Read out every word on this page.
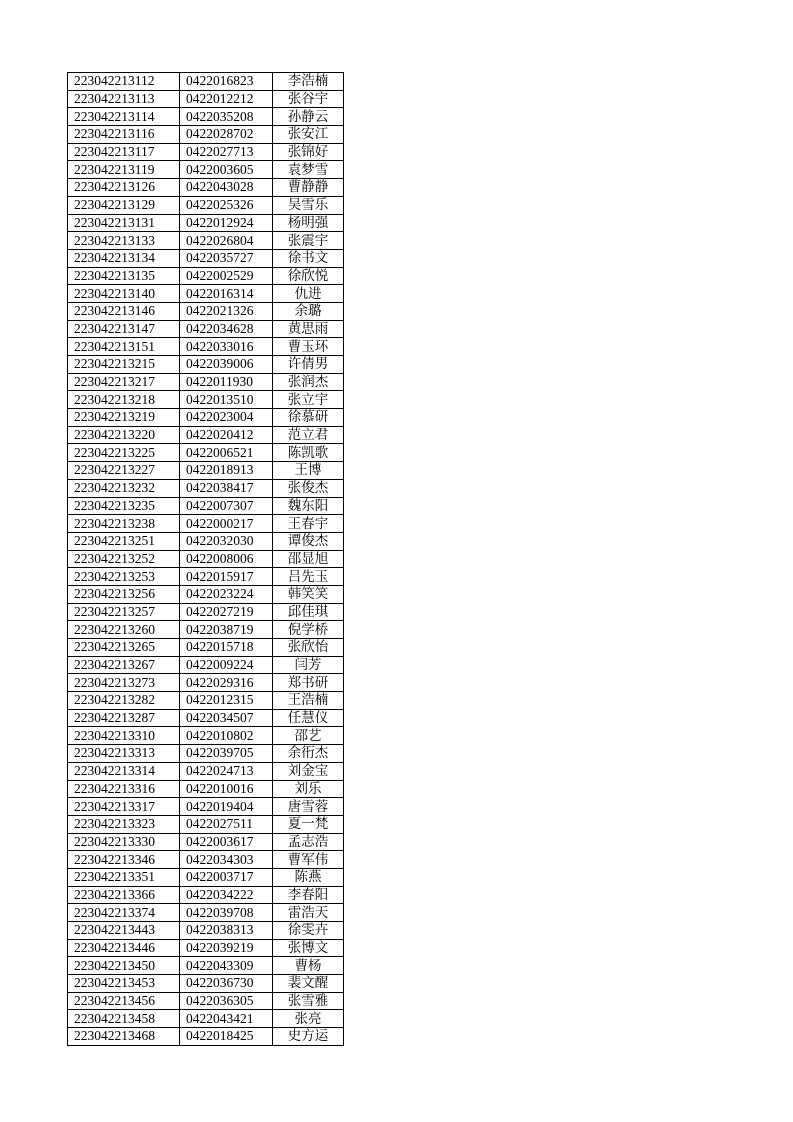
223042213112	0422016823	李浩楠
223042213113	0422012212	张谷宇
223042213114	0422035208	孙静云
223042213116	0422028702	张安江
223042213117	0422027713	张锦好
223042213119	0422003605	袁梦雪
223042213126	0422043028	曹静静
223042213129	0422025326	吴雪乐
223042213131	0422012924	杨明强
223042213133	0422026804	张震宇
223042213134	0422035727	徐书文
223042213135	0422002529	徐欣悦
223042213140	0422016314	仇进
223042213146	0422021326	余璐
223042213147	0422034628	黄思雨
223042213151	0422033016	曹玉环
223042213215	0422039006	许倩男
223042213217	0422011930	张润杰
223042213218	0422013510	张立宇
223042213219	0422023004	徐慕研
223042213220	0422020412	范立君
223042213225	0422006521	陈凯歌
223042213227	0422018913	王博
223042213232	0422038417	张俊杰
223042213235	0422007307	魏东阳
223042213238	0422000217	王春宇
223042213251	0422032030	谭俊杰
223042213252	0422008006	邵显旭
223042213253	0422015917	吕先玉
223042213256	0422023224	韩笑笑
223042213257	0422027219	邱佳琪
223042213260	0422038719	倪学桥
223042213265	0422015718	张欣怡
223042213267	0422009224	闫芳
223042213273	0422029316	郑书研
223042213282	0422012315	王浩楠
223042213287	0422034507	任慧仪
223042213310	0422010802	邵艺
223042213313	0422039705	余衎杰
223042213314	0422024713	刘金宝
223042213316	0422010016	刘乐
223042213317	0422019404	唐雪蓉
223042213323	0422027511	夏一梵
223042213330	0422003617	孟志浩
223042213346	0422034303	曹军伟
223042213351	0422003717	陈燕
223042213366	0422034222	李春阳
223042213374	0422039708	雷浩天
223042213443	0422038313	徐雯卉
223042213446	0422039219	张博文
223042213450	0422043309	曹杨
223042213453	0422036730	裴文醒
223042213456	0422036305	张雪雅
223042213458	0422043421	张亮
223042213468	0422018425	史方运
